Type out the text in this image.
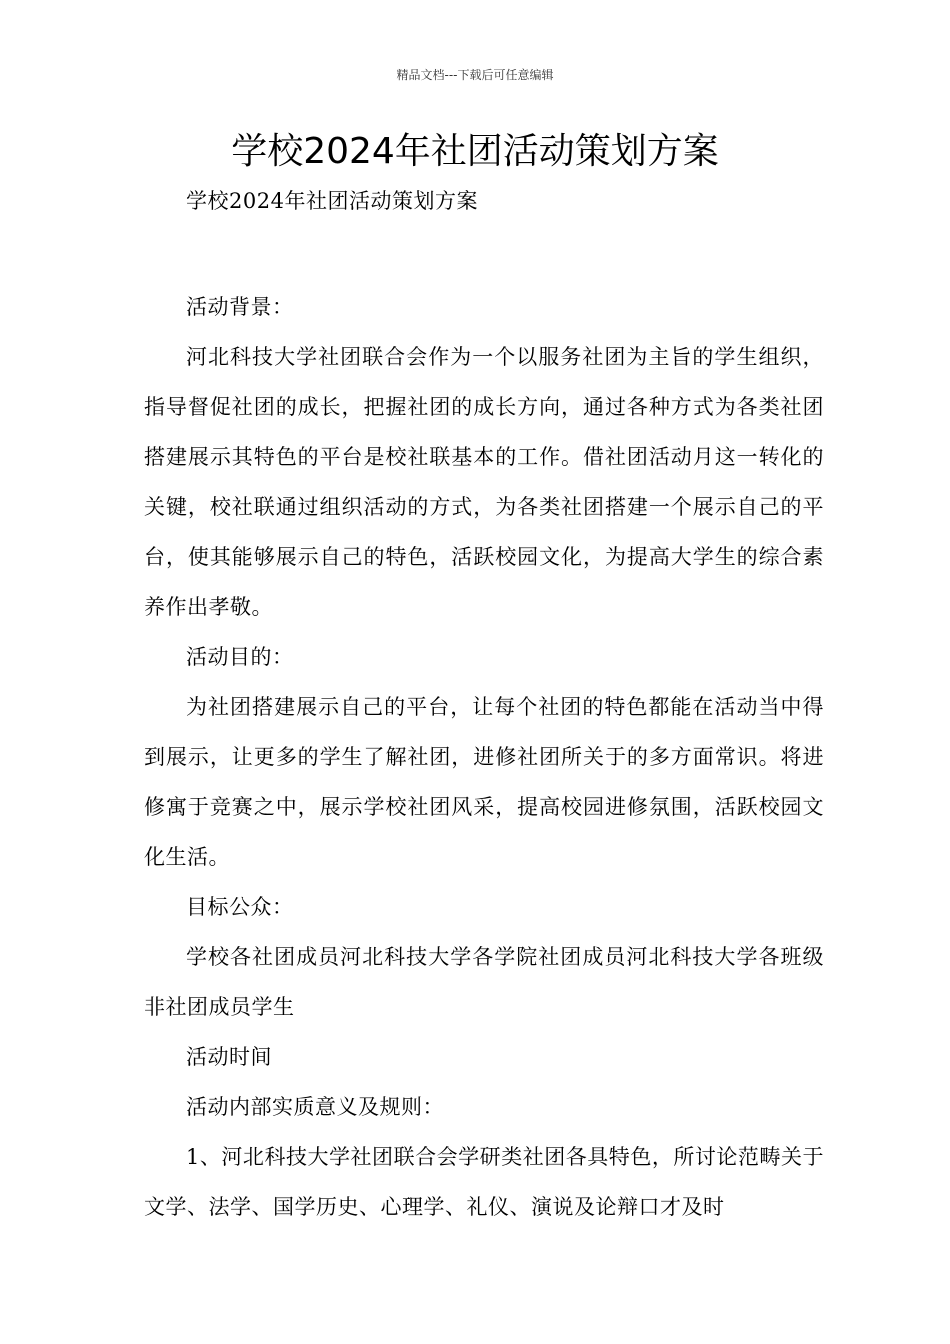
精品文档---下载后可任意编辑
学校2024年社团活动策划方案

学校2024年社团活动策划方案

活动背景：

河北科技大学社团联合会作为一个以服务社团为主旨的学生组织，指导督促社团的成长，把握社团的成长方向，通过各种方式为各类社团搭建展示其特色的平台是校社联基本的工作。借社团活动月这一转化的关键，校社联通过组织活动的方式，为各类社团搭建一个展示自己的平台，使其能够展示自己的特色，活跃校园文化，为提高大学生的综合素养作出孝敬。

活动目的：

为社团搭建展示自己的平台，让每个社团的特色都能在活动当中得到展示，让更多的学生了解社团，进修社团所关于的多方面常识。将进修寓于竞赛之中，展示学校社团风采，提高校园进修氛围，活跃校园文化生活。

目标公众：

学校各社团成员河北科技大学各学院社团成员河北科技大学各班级非社团成员学生

活动时间

活动内部实质意义及规则：

1、河北科技大学社团联合会学研类社团各具特色，所讨论范畴关于文学、法学、国学历史、心理学、礼仪、演说及论辩口才及时
